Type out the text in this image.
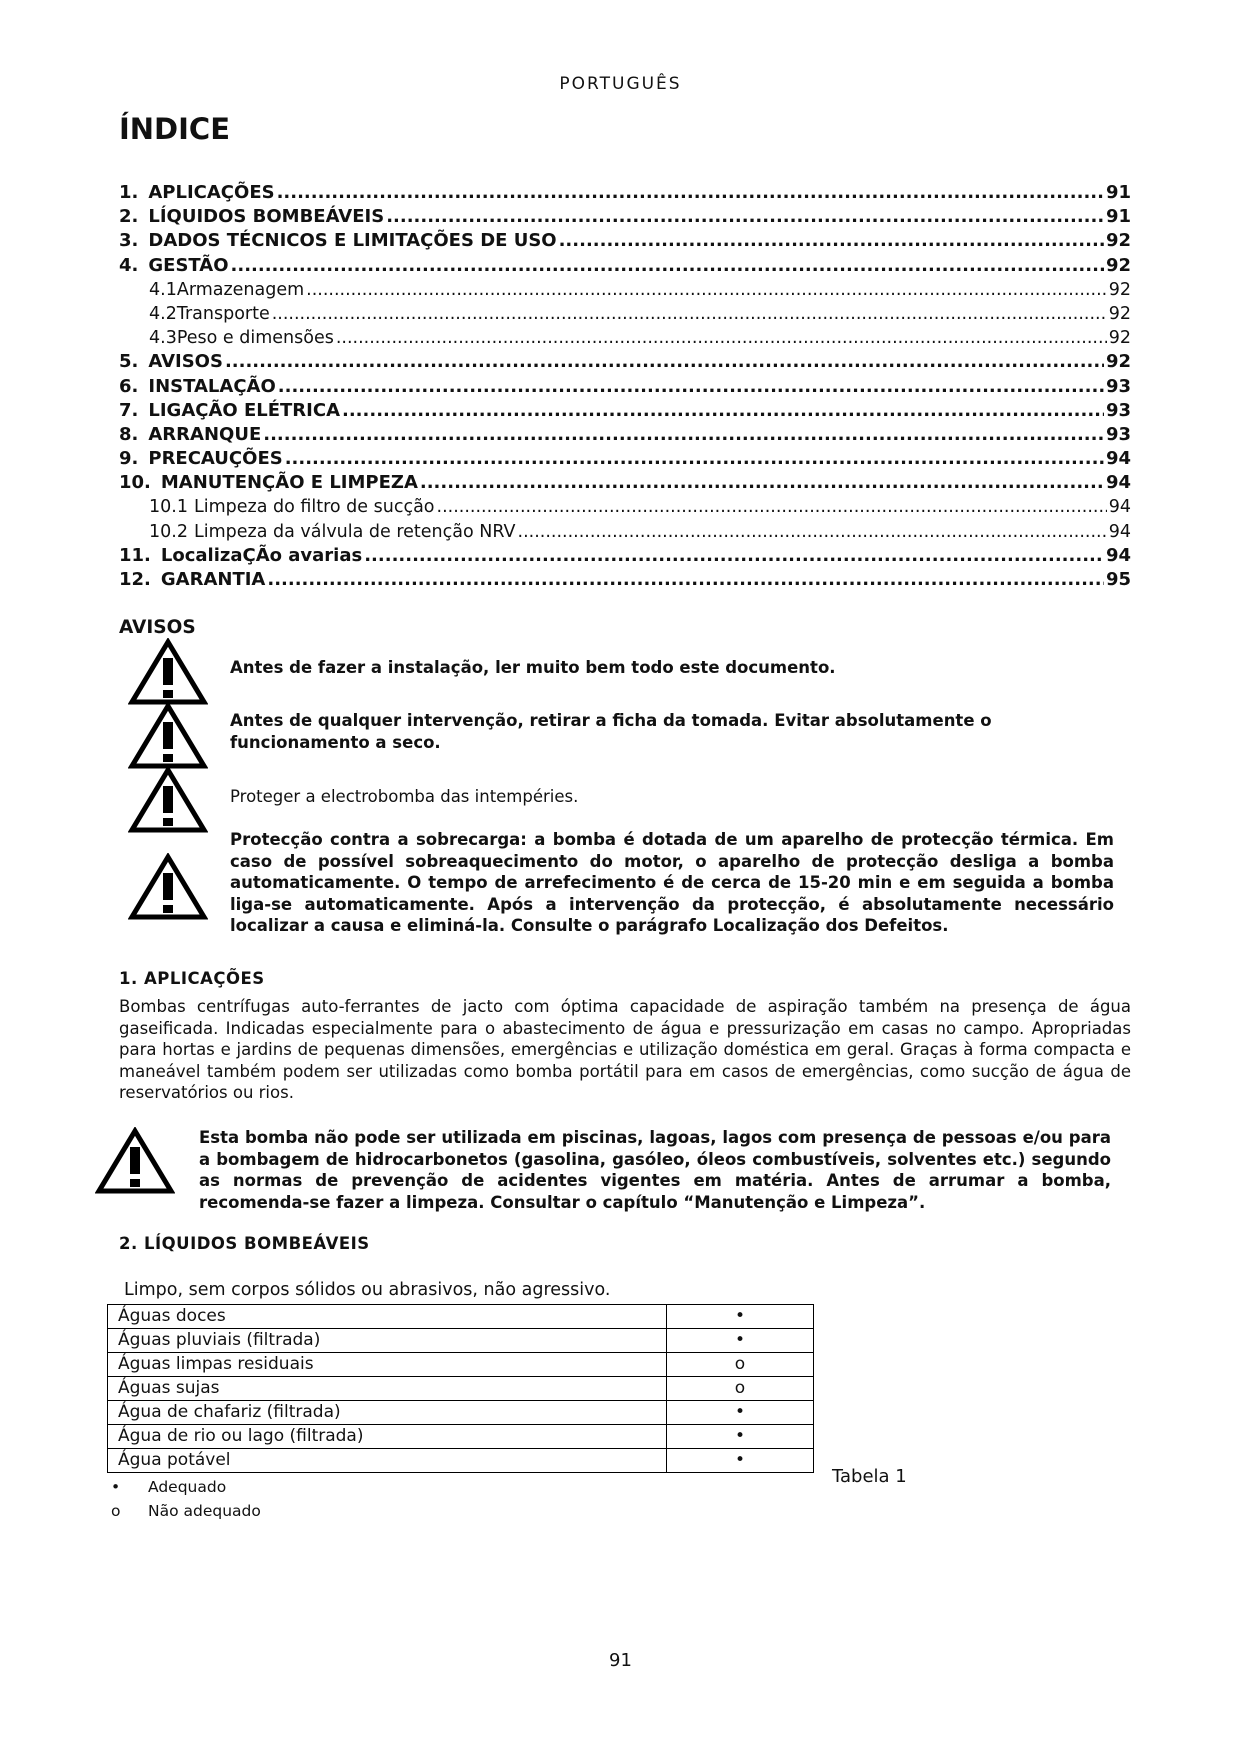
PORTUGUÊS
ÍNDICE
1. APLICAÇÕES .....	91
2. LÍQUIDOS BOMBEÁVEIS .....	91
3. DADOS TÉCNICOS E LIMITAÇÕES DE USO .....	92
4. GESTÃO .....	92
4.1 Armazenagem .....	92
4.2 Transporte .....	92
4.3 Peso e dimensões .....	92
5. AVISOS .....	92
6. INSTALAÇÃO .....	93
7. LIGAÇÃO ELÉTRICA .....	93
8. ARRANQUE .....	93
9. PRECAUÇÕES .....	94
10. MANUTENÇÃO E LIMPEZA .....	94
10.1 Limpeza do filtro de sucção .....	94
10.2 Limpeza da válvula de retenção NRV .....	94
11. LocalizaÇÃo avarias .....	94
12. GARANTIA .....	95
AVISOS
Antes de fazer a instalação, ler muito bem todo este documento.
Antes de qualquer intervenção, retirar a ficha da tomada. Evitar absolutamente o funcionamento a seco.
Proteger a electrobomba das intempéries.
Protecção contra a sobrecarga: a bomba é dotada de um aparelho de protecção térmica. Em caso de possível sobreaquecimento do motor, o aparelho de protecção desliga a bomba automaticamente. O tempo de arrefecimento é de cerca de 15-20 min e em seguida a bomba liga-se automaticamente. Após a intervenção da protecção, é absolutamente necessário localizar a causa e eliminá-la. Consulte o parágrafo Localização dos Defeitos.
1. APLICAÇÕES
Bombas centrífugas auto-ferrantes de jacto com óptima capacidade de aspiração também na presença de água gaseificada. Indicadas especialmente para o abastecimento de água e pressurização em casas no campo. Apropriadas para hortas e jardins de pequenas dimensões, emergências e utilização doméstica em geral. Graças à forma compacta e maneável também podem ser utilizadas como bomba portátil para em casos de emergências, como sucção de água de reservatórios ou rios.
Esta bomba não pode ser utilizada em piscinas, lagoas, lagos com presença de pessoas e/ou para a bombagem de hidrocarbonetos (gasolina, gasóleo, óleos combustíveis, solventes etc.) segundo as normas de prevenção de acidentes vigentes em matéria. Antes de arrumar a bomba, recomenda-se fazer a limpeza. Consultar o capítulo “Manutenção e Limpeza”.
2. LÍQUIDOS BOMBEÁVEIS
Limpo, sem corpos sólidos ou abrasivos, não agressivo.
Águas doces	•
Águas pluviais (filtrada)	•
Águas limpas residuais	o
Águas sujas	o
Água de chafariz (filtrada)	•
Água de rio ou lago (filtrada)	•
Água potável	•
Tabela 1
• Adequado
o Não adequado
91
